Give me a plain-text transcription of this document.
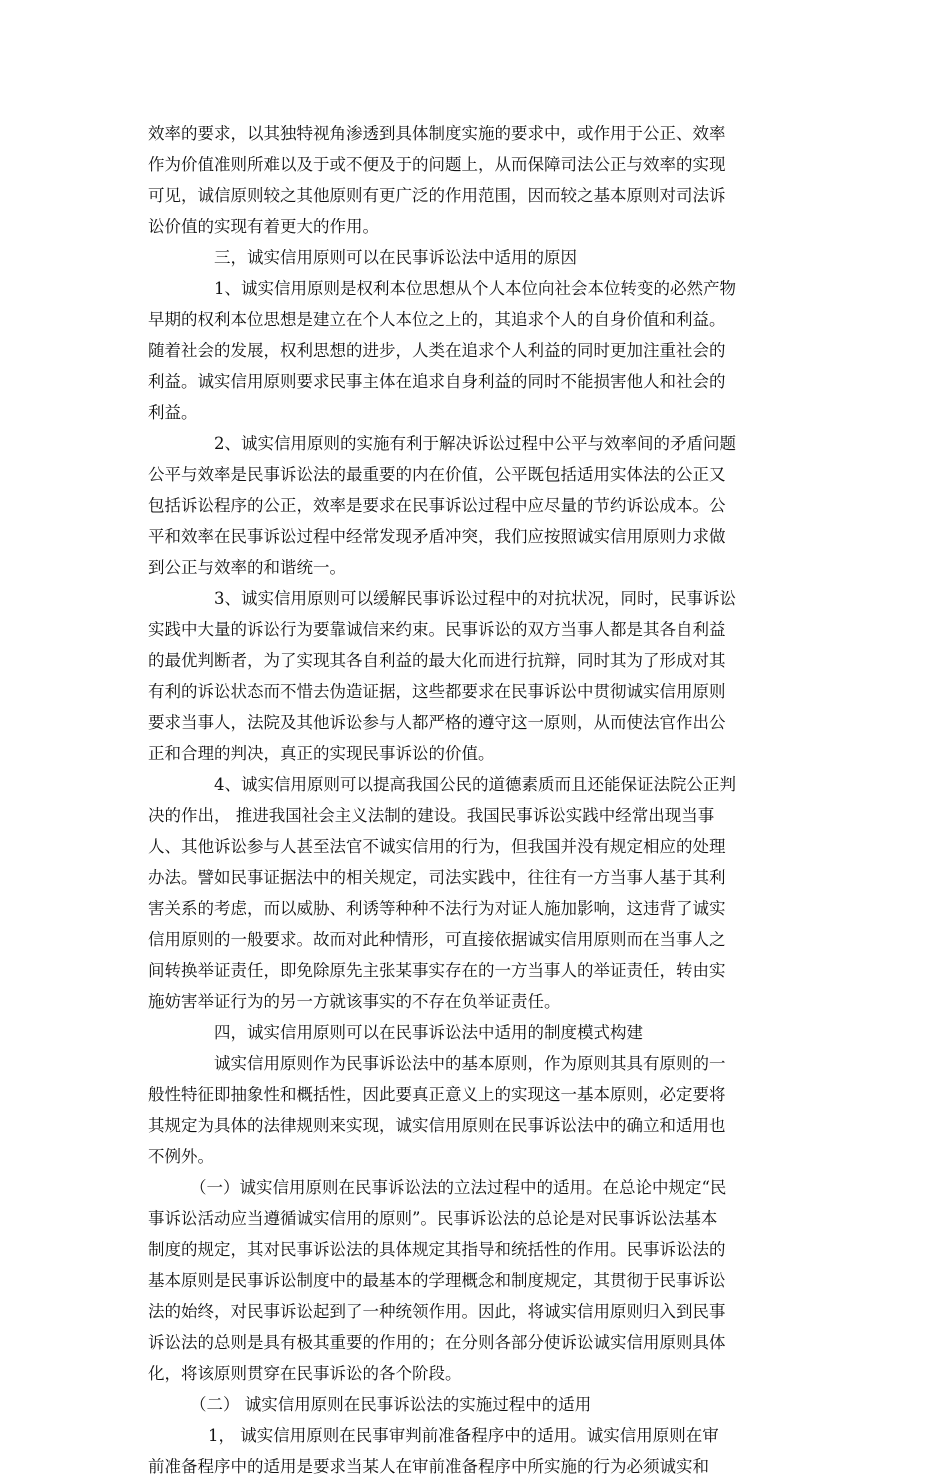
效率的要求，以其独特视角渗透到具体制度实施的要求中，或作用于公正、效率
作为价值准则所难以及于或不便及于的问题上，从而保障司法公正与效率的实现
可见，诚信原则较之其他原则有更广泛的作用范围，因而较之基本原则对司法诉
讼价值的实现有着更大的作用。
三，诚实信用原则可以在民事诉讼法中适用的原因
1、诚实信用原则是权利本位思想从个人本位向社会本位转变的必然产物
早期的权利本位思想是建立在个人本位之上的，其追求个人的自身价值和利益。
随着社会的发展，权利思想的进步，人类在追求个人利益的同时更加注重社会的
利益。诚实信用原则要求民事主体在追求自身利益的同时不能损害他人和社会的
利益。
2、诚实信用原则的实施有利于解决诉讼过程中公平与效率间的矛盾问题
公平与效率是民事诉讼法的最重要的内在价值，公平既包括适用实体法的公正又
包括诉讼程序的公正，效率是要求在民事诉讼过程中应尽量的节约诉讼成本。公
平和效率在民事诉讼过程中经常发现矛盾冲突，我们应按照诚实信用原则力求做
到公正与效率的和谐统一。
3、诚实信用原则可以缓解民事诉讼过程中的对抗状况，同时，民事诉讼
实践中大量的诉讼行为要靠诚信来约束。民事诉讼的双方当事人都是其各自利益
的最优判断者，为了实现其各自利益的最大化而进行抗辩，同时其为了形成对其
有利的诉讼状态而不惜去伪造证据，这些都要求在民事诉讼中贯彻诚实信用原则
要求当事人，法院及其他诉讼参与人都严格的遵守这一原则，从而使法官作出公
正和合理的判决，真正的实现民事诉讼的价值。
4、诚实信用原则可以提高我国公民的道德素质而且还能保证法院公正判
决的作出， 推进我国社会主义法制的建设。我国民事诉讼实践中经常出现当事
人、其他诉讼参与人甚至法官不诚实信用的行为，但我国并没有规定相应的处理
办法。譬如民事证据法中的相关规定，司法实践中，往往有一方当事人基于其利
害关系的考虑，而以威胁、利诱等种种不法行为对证人施加影响，这违背了诚实
信用原则的一般要求。故而对此种情形，可直接依据诚实信用原则而在当事人之
间转换举证责任，即免除原先主张某事实存在的一方当事人的举证责任，转由实
施妨害举证行为的另一方就该事实的不存在负举证责任。
四，诚实信用原则可以在民事诉讼法中适用的制度模式构建
诚实信用原则作为民事诉讼法中的基本原则，作为原则其具有原则的一
般性特征即抽象性和概括性，因此要真正意义上的实现这一基本原则，必定要将
其规定为具体的法律规则来实现，诚实信用原则在民事诉讼法中的确立和适用也
不例外。
（一）诚实信用原则在民事诉讼法的立法过程中的适用。在总论中规定“民
事诉讼活动应当遵循诚实信用的原则”。民事诉讼法的总论是对民事诉讼法基本
制度的规定，其对民事诉讼法的具体规定其指导和统括性的作用。民事诉讼法的
基本原则是民事诉讼制度中的最基本的学理概念和制度规定，其贯彻于民事诉讼
法的始终，对民事诉讼起到了一种统领作用。因此，将诚实信用原则归入到民事
诉讼法的总则是具有极其重要的作用的；在分则各部分使诉讼诚实信用原则具体
化，将该原则贯穿在民事诉讼的各个阶段。
（二） 诚实信用原则在民事诉讼法的实施过程中的适用
1， 诚实信用原则在民事审判前准备程序中的适用。诚实信用原则在审
前准备程序中的适用是要求当某人在审前准备程序中所实施的行为必须诚实和
